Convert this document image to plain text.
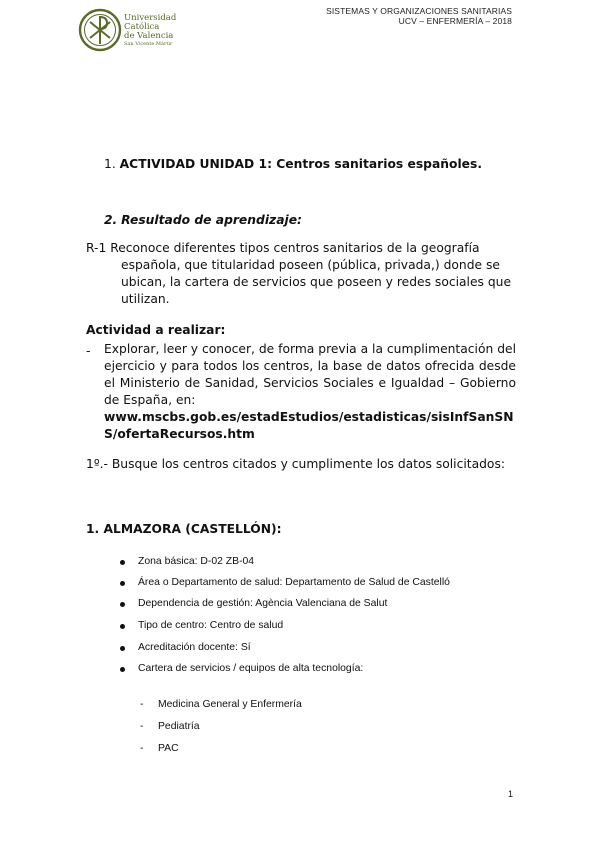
Universidad
Católica
de Valencia
San Vicente Mártir
SISTEMAS Y ORGANIZACIONES SANITARIAS
UCV – ENFERMERÍA – 2018
1. ACTIVIDAD UNIDAD 1: Centros sanitarios españoles.
2. Resultado de aprendizaje:
R-1 Reconoce diferentes tipos centros sanitarios de la geografía
española, que titularidad poseen (pública, privada,) donde se ubican, la cartera de servicios que poseen y redes sociales que utilizan.
Actividad a realizar:
- Explorar, leer y conocer, de forma previa a la cumplimentación del ejercicio y para todos los centros, la base de datos ofrecida desde el Ministerio de Sanidad, Servicios Sociales e Igualdad – Gobierno de España, en:
www.mscbs.gob.es/estadEstudios/estadisticas/sisInfSanSNS/ofertaRecursos.htm
1º.- Busque los centros citados y cumplimente los datos solicitados:
1. ALMAZORA (CASTELLÓN):
Zona básica: D-02 ZB-04
Área o Departamento de salud: Departamento de Salud de Castelló
Dependencia de gestión: Agència Valenciana de Salut
Tipo de centro: Centro de salud
Acreditación docente: Sí
Cartera de servicios / equipos de alta tecnología:
- Medicina General y Enfermería
- Pediatría
- PAC
1
